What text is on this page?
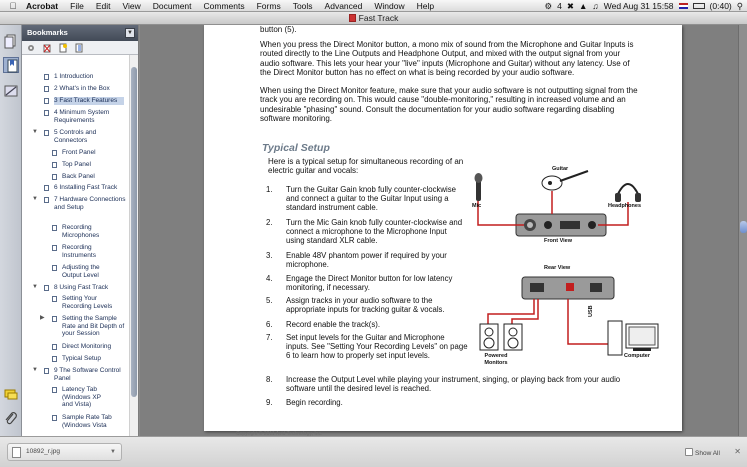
Acrobat	File	Edit	View	Document	Comments	Forms	Tools	Advanced	Window	Help	⚙ 4 ✖ ▲ ♫ Wed Aug 31 15:58	(0:40) ⚲
Fast Track
Bookmarks	▼
1 Introduction
2 What's in the Box
3 Fast Track Features
4 Minimum System Requirements
▼ 5 Controls and Connectors
Front Panel
Top Panel
Back Panel
6 Installing Fast Track
▼ 7 Hardware Connections and Setup
Recording Microphones
Recording Instruments
Adjusting the Output Level
▼ 8 Using Fast Track
Setting Your Recording Levels
▶	Setting the Sample Rate and Bit Depth of your Session
Direct Monitoring
Typical Setup
▼ 9 The Software Control Panel
Latency Tab (Windows XP and Vista)
Sample Rate Tab (Windows Vista
button (5).
When you press the Direct Monitor button, a mono mix of sound from the Microphone and Guitar Inputs is routed directly to the Line Outputs and Headphone Output, and mixed with the output signal from your audio software. This lets your hear your "live" inputs (Microphone and Guitar) without any latency. Use of the Direct Monitor button has no effect on what is being recorded by your audio software.
When using the Direct Monitor feature, make sure that your audio software is not outputting signal from the track you are recording on. This would cause "double-monitoring," resulting in increased volume and an undesirable "phasing" sound. Consult the documentation for your audio software regarding disabling software monitoring.
Typical Setup
Here is a typical setup for simultaneous recording of an electric guitar and vocals:
1. Turn the Guitar Gain knob fully counter-clockwise and connect a guitar to the Guitar Input using a standard instrument cable.
2. Turn the Mic Gain knob fully counter-clockwise and connect a microphone to the Microphone Input using standard XLR cable.
3. Enable 48V phantom power if required by your microphone.
4. Engage the Direct Monitor button for low latency monitoring, if necessary.
5. Assign tracks in your audio software to the appropriate inputs for tracking guitar & vocals.
6. Record enable the track(s).
7. Set input levels for the Guitar and Microphone inputs. See "Setting Your Recording Levels" on page 6 to learn how to properly set input levels.
8. Increase the Output Level while playing your instrument, singing, or playing back from your audio software until the desired level is reached.
9. Begin recording.
Guitar
Mic	Headphones
Front View
Rear View
USB
Powered Monitors
Computer
Copyright © 2011 Avid Technology, Inc.
10892_r.jpg	▼	Show All ✕
